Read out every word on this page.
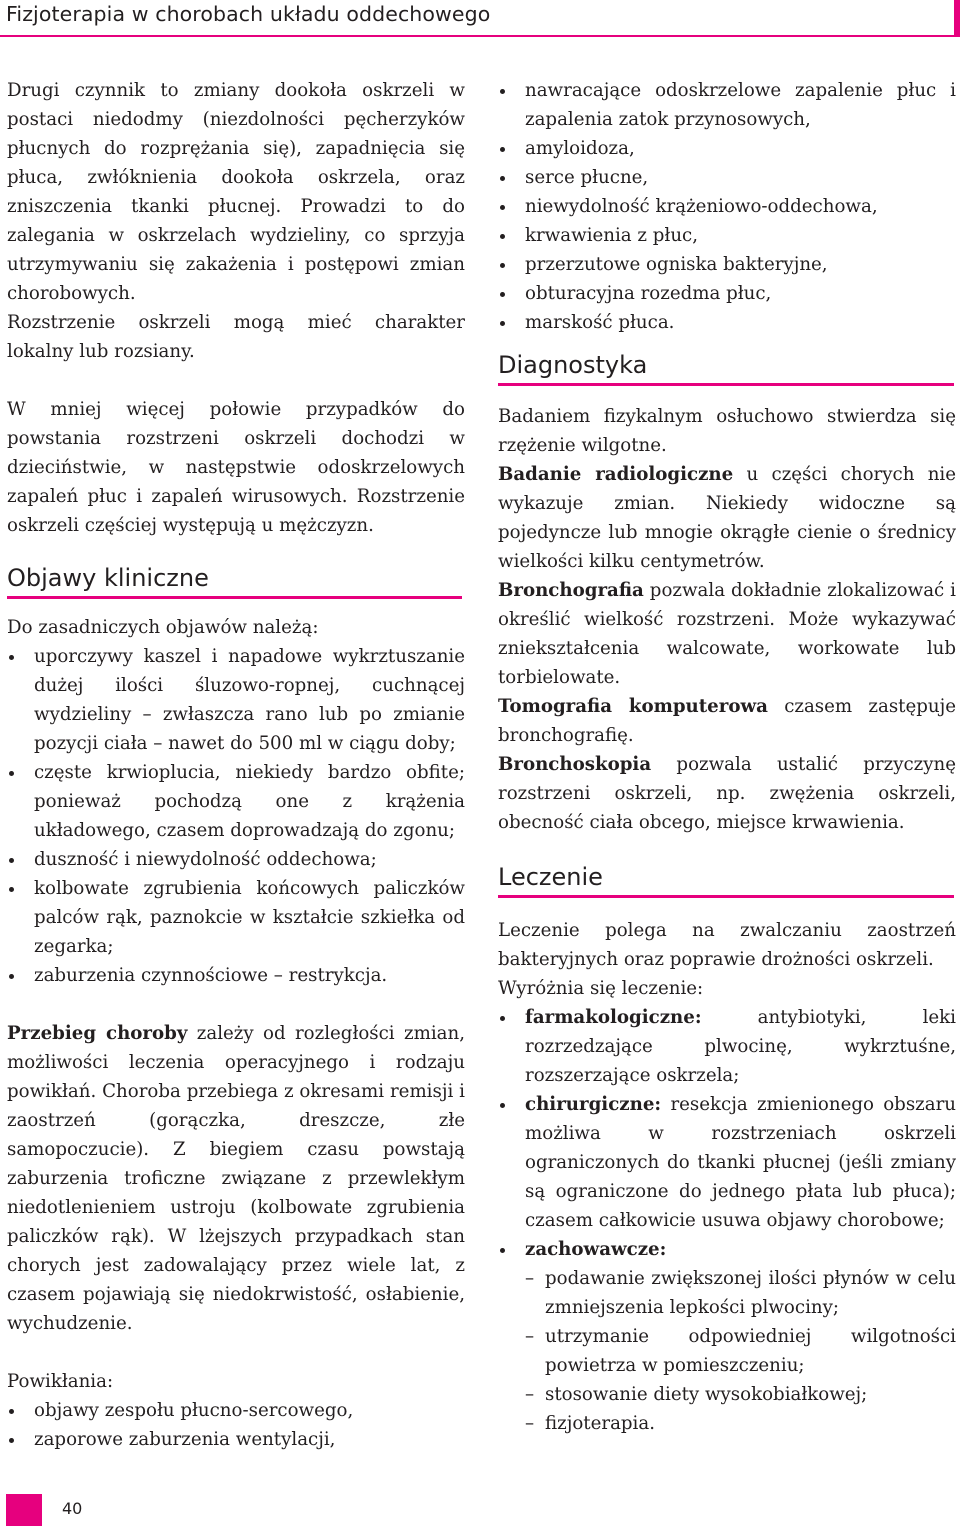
Fizjoterapia w chorobach układu oddechowego

Drugi czynnik to zmiany dookoła oskrzeli w postaci niedodmy (niezdolności pęcherzyków płucnych do rozprężania się), zapadnięcia się płuca, zwłóknienia dookoła oskrzela, oraz zniszczenia tkanki płucnej. Prowadzi to do zalegania w oskrzelach wydzieliny, co sprzyja utrzymywaniu się zakażenia i postępowi zmian chorobowych.

Rozstrzenie oskrzeli mogą mieć charakter lokalny lub rozsiany.

W mniej więcej połowie przypadków do powstania rozstrzeni oskrzeli dochodzi w dzieciństwie, w następstwie odoskrzelowych zapaleń płuc i zapaleń wirusowych. Rozstrzenie oskrzeli częściej występują u mężczyzn.

Objawy kliniczne
Do zasadniczych objawów należą:
uporczywy kaszel i napadowe wykrztuszanie dużej ilości śluzowo-ropnej, cuchnącej wydzieliny – zwłaszcza rano lub po zmianie pozycji ciała – nawet do 500 ml w ciągu doby;
częste krwioplucia, niekiedy bardzo obfite; ponieważ pochodzą one z krążenia układowego, czasem doprowadzają do zgonu;
duszność i niewydolność oddechowa;
kolbowate zgrubienia końcowych paliczków palców rąk, paznokcie w kształcie szkiełka od zegarka;
zaburzenia czynnościowe – restrykcja.

Przebieg choroby zależy od rozległości zmian, możliwości leczenia operacyjnego i rodzaju powikłań. Choroba przebiega z okresami remisji i zaostrzeń (gorączka, dreszcze, złe samopoczucie). Z biegiem czasu powstają zaburzenia troficzne związane z przewlekłym niedotlenieniem ustroju (kolbowate zgrubienia paliczków rąk). W lżejszych przypadkach stan chorych jest zadowalający przez wiele lat, z czasem pojawiają się niedokrwistość, osłabienie, wychudzenie.

Powikłania:
objawy zespołu płucno-sercowego,
zaporowe zaburzenia wentylacji,
nawracające odoskrzelowe zapalenie płuc i zapalenia zatok przynosowych,
amyloidoza,
serce płucne,
niewydolność krążeniowo-oddechowa,
krwawienia z płuc,
przerzutowe ogniska bakteryjne,
obturacyjna rozedma płuc,
marskość płuca.
Diagnostyka

Badaniem fizykalnym osłuchowo stwierdza się rzężenie wilgotne.

Badanie radiologiczne u części chorych nie wykazuje zmian. Niekiedy widoczne są pojedyncze lub mnogie okrągłe cienie o średnicy wielkości kilku centymetrów.

Bronchografia pozwala dokładnie zlokalizować i określić wielkość rozstrzeni. Może wykazywać zniekształcenia walcowate, workowate lub torbielowate.

Tomografia komputerowa czasem zastępuje bronchografię.

Bronchoskopia pozwala ustalić przyczynę rozstrzeni oskrzeli, np. zwężenia oskrzeli, obecność ciała obcego, miejsce krwawienia.

Leczenie

Leczenie polega na zwalczaniu zaostrzeń bakteryjnych oraz poprawie drożności oskrzeli.

Wyróżnia się leczenie:

farmakologiczne: antybiotyki, leki rozrzedzające plwocinę, wykrztuśne, rozszerzające oskrzela;
chirurgiczne: resekcja zmienionego obszaru możliwa w rozstrzeniach oskrzeli ograniczonych do tkanki płucnej (jeśli zmiany są ograniczone do jednego płata lub płuca); czasem całkowicie usuwa objawy chorobowe;
zachowawcze:
– podawanie zwiększonej ilości płynów w celu zmniejszenia lepkości plwociny;
– utrzymanie odpowiedniej wilgotności powietrza w pomieszczeniu;
– stosowanie diety wysokobiałkowej;
– fizjoterapia.
40
